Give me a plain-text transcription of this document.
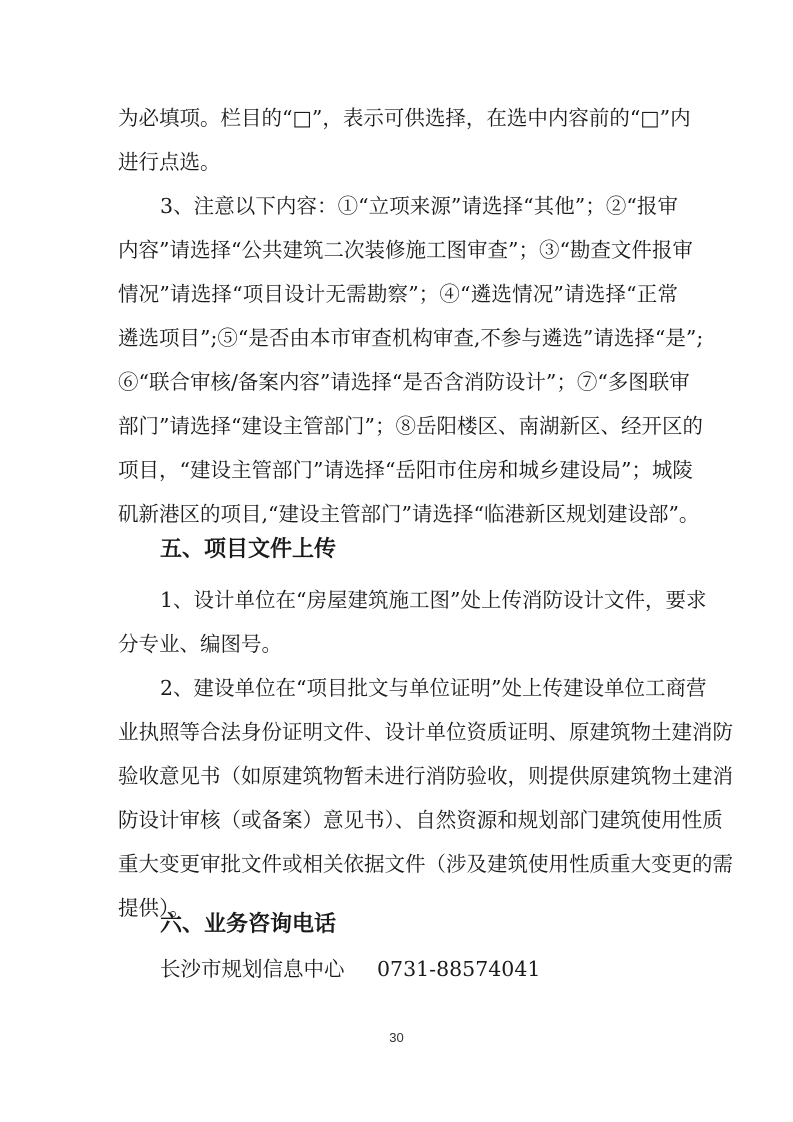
为必填项。栏目的“□”，表示可供选择，在选中内容前的“□”内
进行点选。
3、注意以下内容：①“立项来源”请选择“其他”；②“报审
内容”请选择“公共建筑二次装修施工图审查”；③“勘查文件报审
情况”请选择“项目设计无需勘察”；④“遴选情况”请选择“正常
遴选项目”;⑤“是否由本市审查机构审查,不参与遴选”请选择“是”;
⑥“联合审核/备案内容”请选择“是否含消防设计”；⑦“多图联审
部门”请选择“建设主管部门”；⑧岳阳楼区、南湖新区、经开区的
项目，“建设主管部门”请选择“岳阳市住房和城乡建设局”；城陵
矶新港区的项目,“建设主管部门”请选择“临港新区规划建设部”。
五、项目文件上传
1、设计单位在“房屋建筑施工图”处上传消防设计文件，要求
分专业、编图号。
2、建设单位在“项目批文与单位证明”处上传建设单位工商营
业执照等合法身份证明文件、设计单位资质证明、原建筑物土建消防
验收意见书（如原建筑物暂未进行消防验收，则提供原建筑物土建消
防设计审核（或备案）意见书）、自然资源和规划部门建筑使用性质
重大变更审批文件或相关依据文件（涉及建筑使用性质重大变更的需
提供）。
六、业务咨询电话
长沙市规划信息中心 0731-88574041
30
